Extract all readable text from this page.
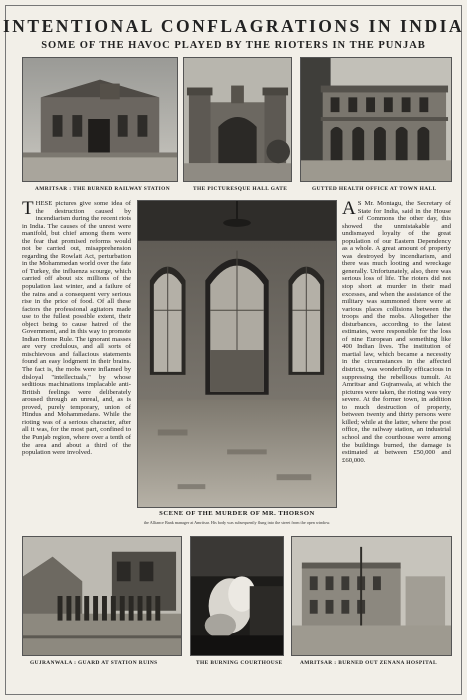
INTENTIONAL CONFLAGRATIONS IN INDIA
SOME OF THE HAVOC PLAYED BY THE RIOTERS IN THE PUNJAB
AMRITSAR : THE BURNED RAILWAY STATION	THE PICTURESQUE HALL GATE	GUTTED HEALTH OFFICE AT TOWN HALL
THESE pictures give some idea of the destruction caused by incendiarism during the recent riots in India. The causes of the unrest were manifold, but chief among them were the fear that promised reforms would not be carried out, misapprehension regarding the Rowlatt Act, perturbation in the Mohammedan world over the fate of Turkey, the influenza scourge, which carried off about six millions of the population last winter, and a failure of the rains and a consequent very serious rise in the price of food. Of all these factors the professional agitators made use to the fullest possible extent, their object being to cause hatred of the Government, and in this way to promote Indian Home Rule. The ignorant masses are very credulous, and all sorts of mischievous and fallacious statements found an easy lodgment in their brains. The fact is, the mobs were inflamed by disloyal "intellectuals," by whose seditious machinations implacable anti-British feelings were deliberately aroused through an unreal, and, as is proved, purely temporary, union of Hindus and Mohammedans. While the rioting was of a serious character, after all it was, for the most part, confined to the Punjab region, where over a tenth of the area and about a third of the population were involved.
SCENE OF THE MURDER OF MR. THORSON
the Alliance Bank manager at Amritsar. His body was subsequently flung into the street from the open window.
A S Mr. Montagu, the Secretary of State for India, said in the House of Commons the other day, this showed the unmistakable and undismayed loyalty of the great population of our Eastern Dependency as a whole. A great amount of property was destroyed by incendiarism, and there was much looting and wreckage generally. Unfortunately, also, there was serious loss of life. The rioters did not stop short at murder in their mad excesses, and when the assistance of the military was summoned there were at various places collisions between the troops and the mobs. Altogether the disturbances, according to the latest estimates, were responsible for the loss of nine European and something like 400 Indian lives. The institution of martial law, which became a necessity in the circumstances in the affected districts, was wonderfully efficacious in suppressing the rebellious tumult. At Amritsar and Gujranwala, at which the pictures were taken, the rioting was very severe. At the former town, in addition to much destruction of property, between twenty and thirty persons were killed; while at the latter, where the post office, the railway station, an industrial school and the courthouse were among the buildings burned, the damage is estimated at between £50,000 and £60,000.
GUJRANWALA : GUARD AT STATION RUINS	THE BURNING COURTHOUSE	AMRITSAR : BURNED OUT ZENANA HOSPITAL
